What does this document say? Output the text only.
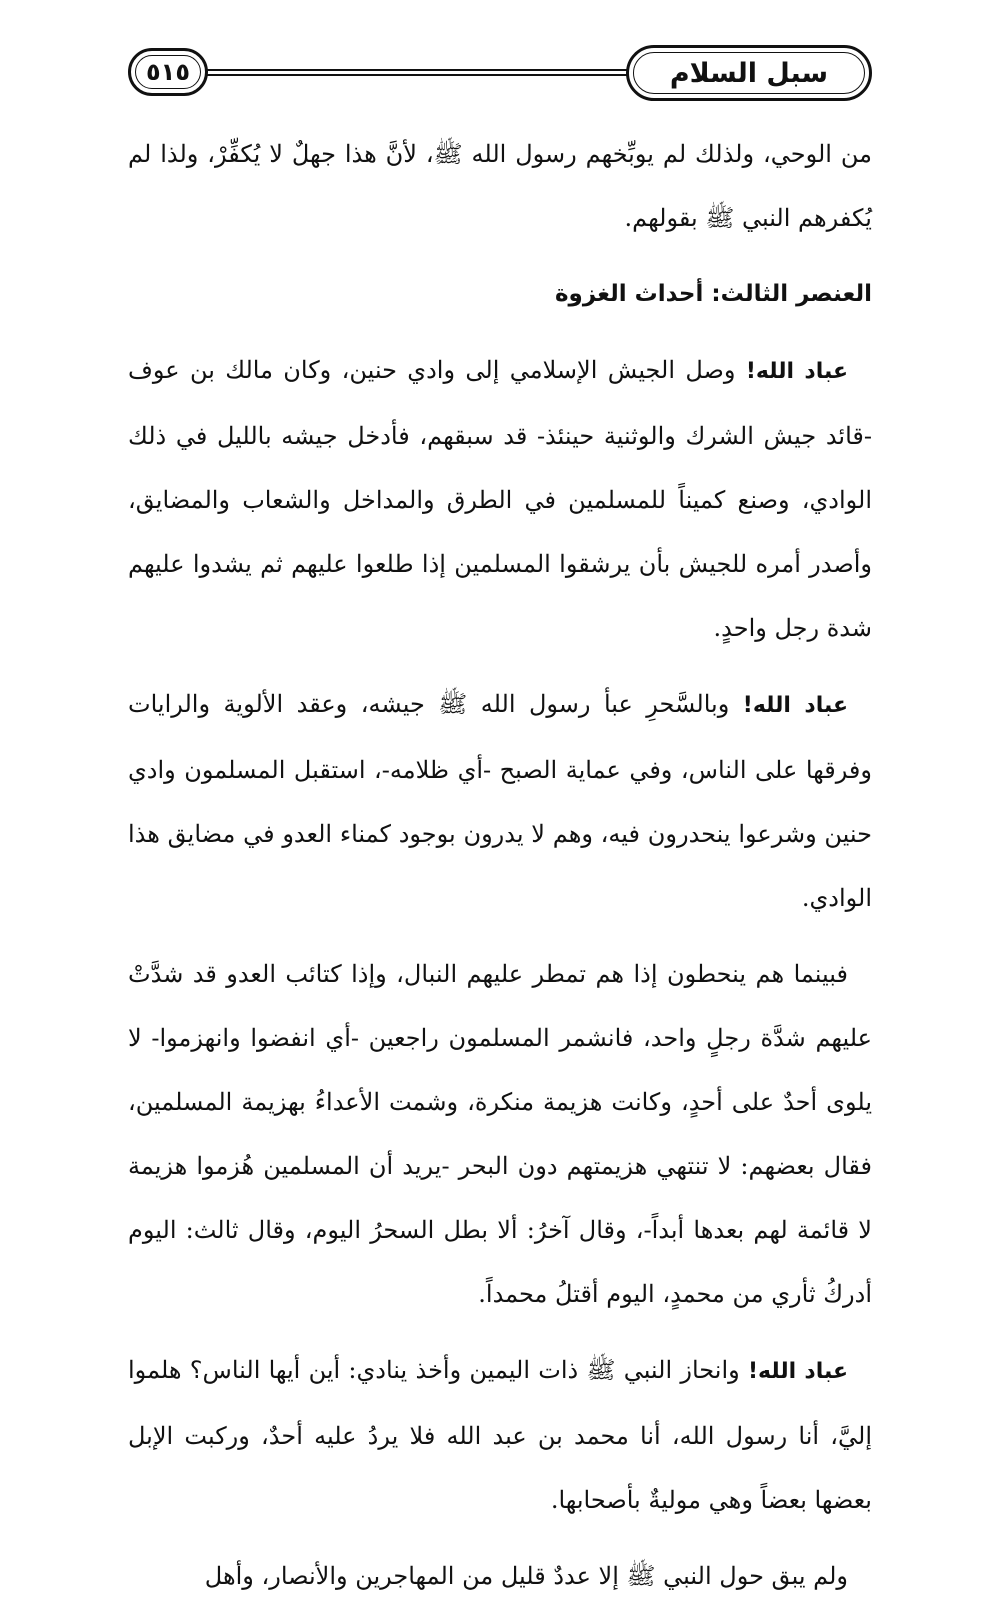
٥١٥	سبل السلام

من الوحي، ولذلك لم يوبِّخهم رسول الله ﷺ، لأنَّ هذا جهلٌ لا يُكفِّرْ، ولذا لم يُكفرهم النبي ﷺ بقولهم.

العنصر الثالث: أحداث الغزوة

عباد الله! وصل الجيش الإسلامي إلى وادي حنين، وكان مالك بن عوف -قائد جيش الشرك والوثنية حينئذ- قد سبقهم، فأدخل جيشه بالليل في ذلك الوادي، وصنع كميناً للمسلمين في الطرق والمداخل والشعاب والمضايق، وأصدر أمره للجيش بأن يرشقوا المسلمين إذا طلعوا عليهم ثم يشدوا عليهم شدة رجل واحدٍ.

عباد الله! وبالسَّحرِ عبأ رسول الله ﷺ جيشه، وعقد الألوية والرايات وفرقها على الناس، وفي عماية الصبح -أي ظلامه-، استقبل المسلمون وادي حنين وشرعوا ينحدرون فيه، وهم لا يدرون بوجود كمناء العدو في مضايق هذا الوادي.

فبينما هم ينحطون إذا هم تمطر عليهم النبال، وإذا كتائب العدو قد شدَّتْ عليهم شدَّة رجلٍ واحد، فانشمر المسلمون راجعين -أي انفضوا وانهزموا- لا يلوى أحدٌ على أحدٍ، وكانت هزيمة منكرة، وشمت الأعداءُ بهزيمة المسلمين، فقال بعضهم: لا تنتهي هزيمتهم دون البحر -يريد أن المسلمين هُزموا هزيمة لا قائمة لهم بعدها أبداً-، وقال آخرُ: ألا بطل السحرُ اليوم، وقال ثالث: اليوم أدركُ ثأري من محمدٍ، اليوم أقتلُ محمداً.

عباد الله! وانحاز النبي ﷺ ذات اليمين وأخذ ينادي: أين أيها الناس؟ هلموا إليَّ، أنا رسول الله، أنا محمد بن عبد الله فلا يردُ عليه أحدٌ، وركبت الإبل بعضها بعضاً وهي موليةٌ بأصحابها.

ولم يبق حول النبي ﷺ إلا عددٌ قليل من المهاجرين والأنصار، وأهل
